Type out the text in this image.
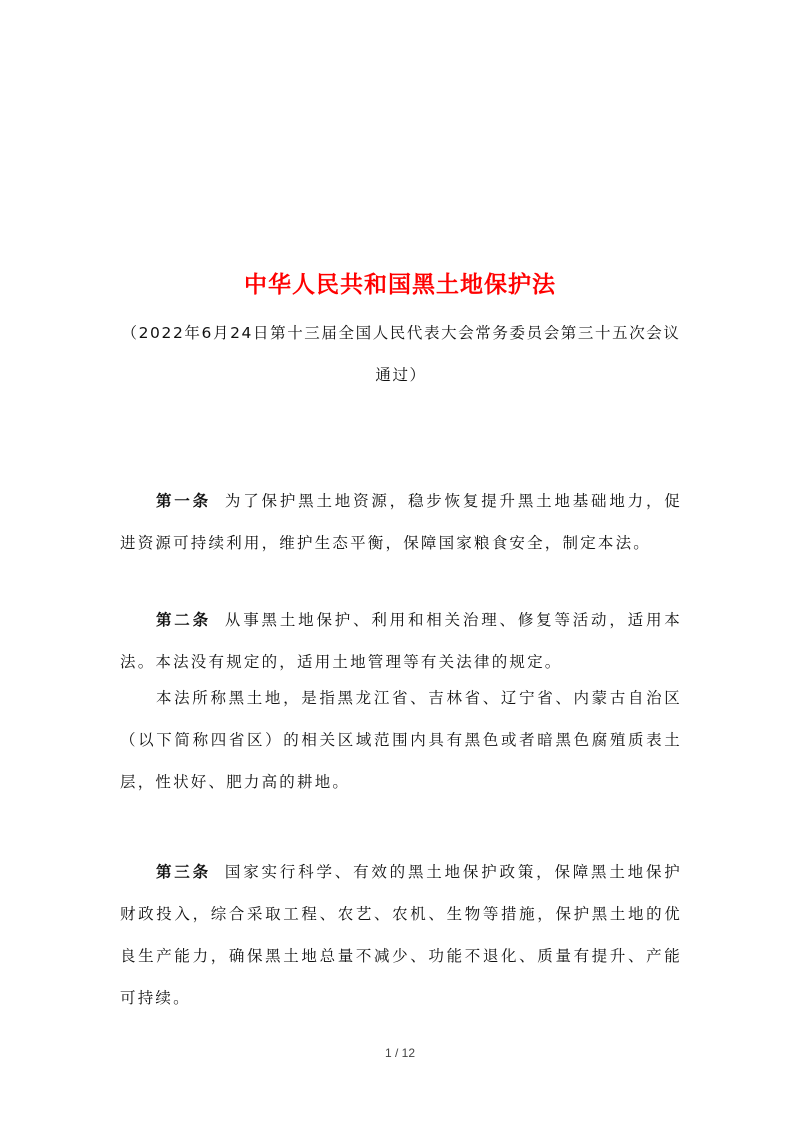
中华人民共和国黑土地保护法
（2022年6月24日第十三届全国人民代表大会常务委员会第三十五次会议通过）

第一条 为了保护黑土地资源，稳步恢复提升黑土地基础地力，促进资源可持续利用，维护生态平衡，保障国家粮食安全，制定本法。

第二条 从事黑土地保护、利用和相关治理、修复等活动，适用本法。本法没有规定的，适用土地管理等有关法律的规定。

本法所称黑土地，是指黑龙江省、吉林省、辽宁省、内蒙古自治区（以下简称四省区）的相关区域范围内具有黑色或者暗黑色腐殖质表土层，性状好、肥力高的耕地。

第三条 国家实行科学、有效的黑土地保护政策，保障黑土地保护财政投入，综合采取工程、农艺、农机、生物等措施，保护黑土地的优良生产能力，确保黑土地总量不减少、功能不退化、质量有提升、产能可持续。

1 / 12
